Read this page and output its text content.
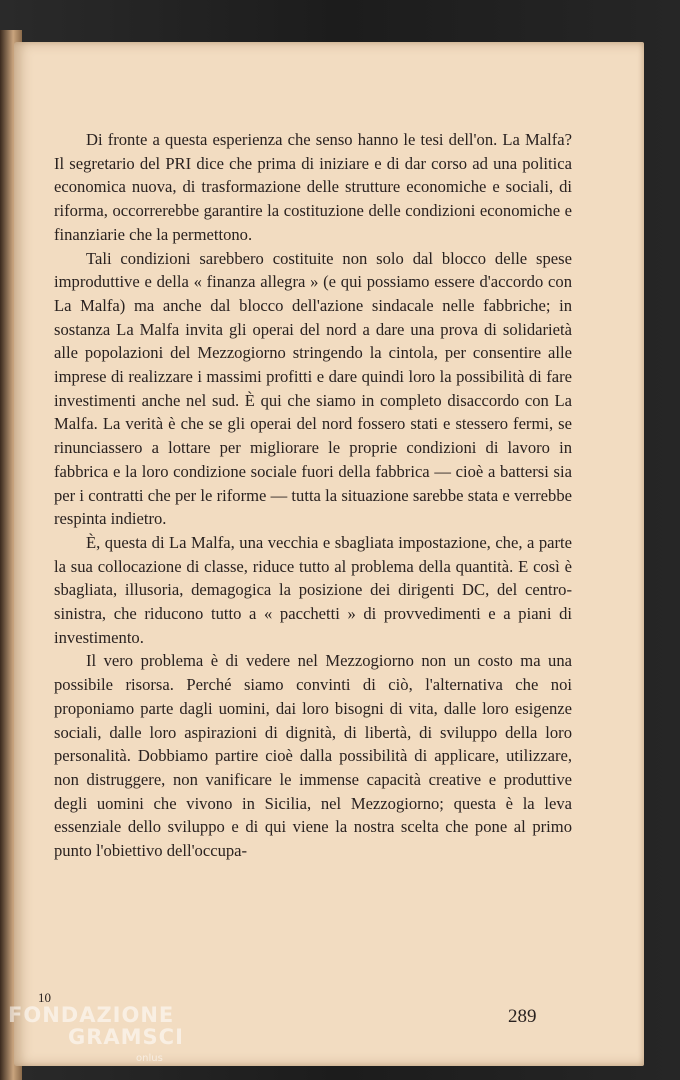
Di fronte a questa esperienza che senso hanno le tesi dell'on. La Malfa? Il segretario del PRI dice che prima di iniziare e di dar corso ad una politica economica nuova, di trasformazione delle strutture economiche e sociali, di riforma, occorrerebbe garantire la costituzione delle condizioni economiche e finanziarie che la permettono.

Tali condizioni sarebbero costituite non solo dal blocco delle spese improduttive e della « finanza allegra » (e qui possiamo essere d'accordo con La Malfa) ma anche dal blocco dell'azione sindacale nelle fabbriche; in sostanza La Malfa invita gli operai del nord a dare una prova di solidarietà alle popolazioni del Mezzogiorno stringendo la cintola, per consentire alle imprese di realizzare i massimi profitti e dare quindi loro la possibilità di fare investimenti anche nel sud. È qui che siamo in completo disaccordo con La Malfa. La verità è che se gli operai del nord fossero stati e stessero fermi, se rinunciassero a lottare per migliorare le proprie condizioni di lavoro in fabbrica e la loro condizione sociale fuori della fabbrica — cioè a battersi sia per i contratti che per le riforme — tutta la situazione sarebbe stata e verrebbe respinta indietro.

È, questa di La Malfa, una vecchia e sbagliata impostazione, che, a parte la sua collocazione di classe, riduce tutto al problema della quantità. E così è sbagliata, illusoria, demagogica la posizione dei dirigenti DC, del centro-sinistra, che riducono tutto a « pacchetti » di provvedimenti e a piani di investimento.

Il vero problema è di vedere nel Mezzogiorno non un costo ma una possibile risorsa. Perché siamo convinti di ciò, l'alternativa che noi proponiamo parte dagli uomini, dai loro bisogni di vita, dalle loro esigenze sociali, dalle loro aspirazioni di dignità, di libertà, di sviluppo della loro personalità. Dobbiamo partire cioè dalla possibilità di applicare, utilizzare, non distruggere, non vanificare le immense capacità creative e produttive degli uomini che vivono in Sicilia, nel Mezzogiorno; questa è la leva essenziale dello sviluppo e di qui viene la nostra scelta che pone al primo punto l'obiettivo dell'occupa-

10
289
FONDAZIONE
GRAMSCI
onlus
